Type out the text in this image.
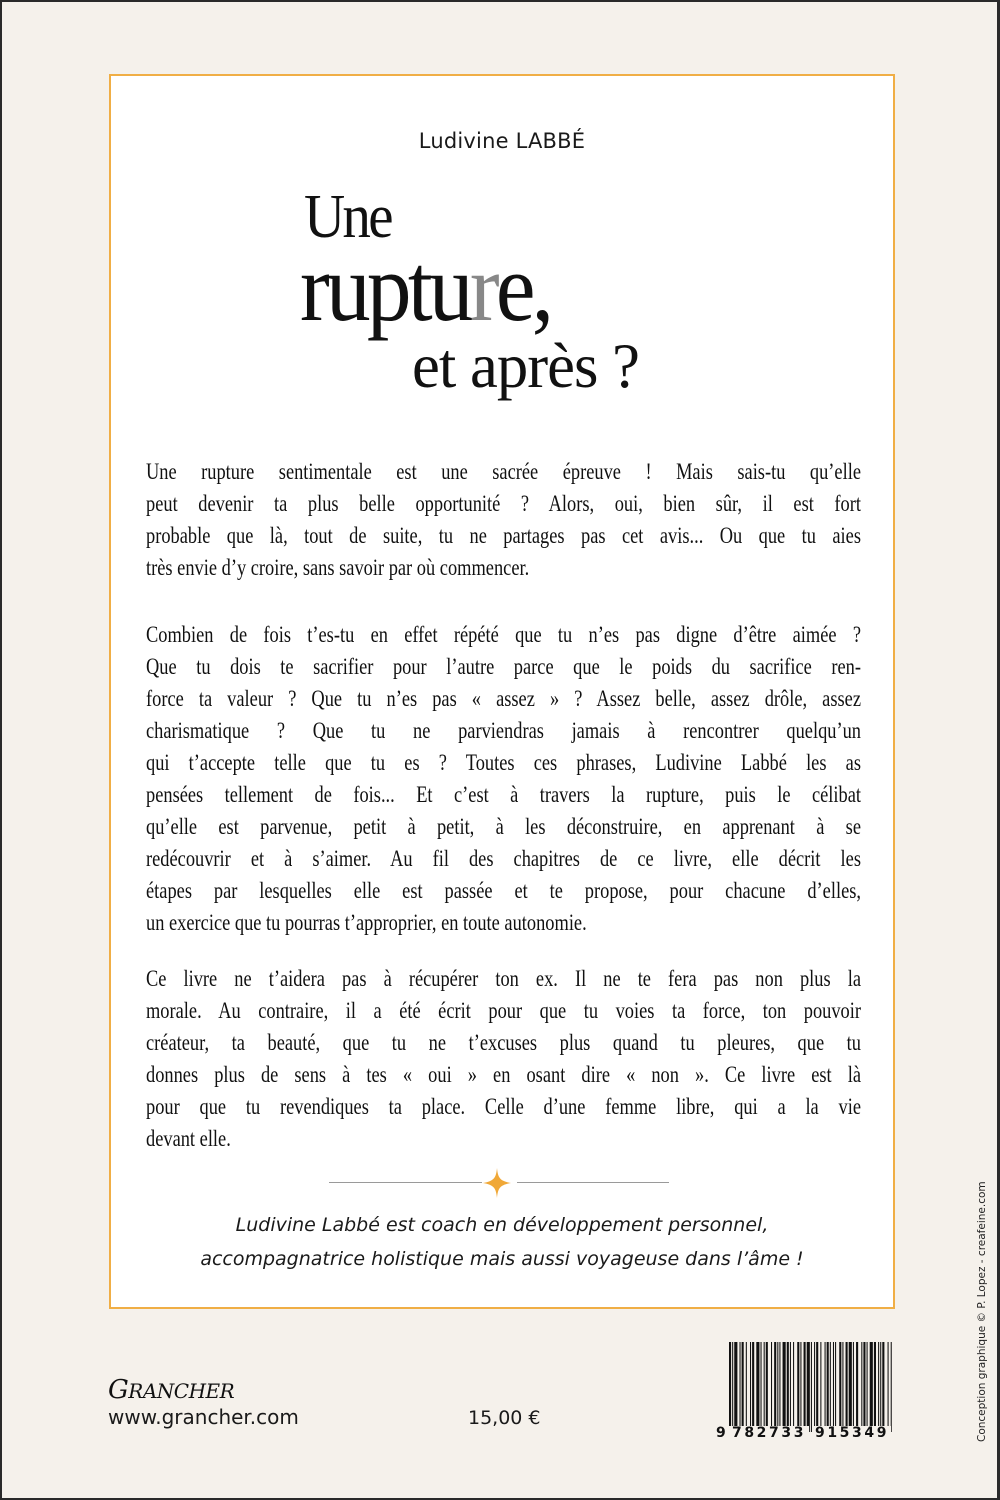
Ludivine LABBÉ
Une
rupture,
et après ?
Une rupture sentimentale est une sacrée épreuve ! Mais sais-tu qu’elle
peut devenir ta plus belle opportunité ? Alors, oui, bien sûr, il est fort
probable que là, tout de suite, tu ne partages pas cet avis... Ou que tu aies
très envie d’y croire, sans savoir par où commencer.
Combien de fois t’es-tu en effet répété que tu n’es pas digne d’être aimée ?
Que tu dois te sacrifier pour l’autre parce que le poids du sacrifice ren-
force ta valeur ? Que tu n’es pas « assez » ? Assez belle, assez drôle, assez
charismatique ? Que tu ne parviendras jamais à rencontrer quelqu’un
qui t’accepte telle que tu es ? Toutes ces phrases, Ludivine Labbé les as
pensées tellement de fois... Et c’est à travers la rupture, puis le célibat
qu’elle est parvenue, petit à petit, à les déconstruire, en apprenant à se
redécouvrir et à s’aimer. Au fil des chapitres de ce livre, elle décrit les
étapes par lesquelles elle est passée et te propose, pour chacune d’elles,
un exercice que tu pourras t’approprier, en toute autonomie.
Ce livre ne t’aidera pas à récupérer ton ex. Il ne te fera pas non plus la
morale. Au contraire, il a été écrit pour que tu voies ta force, ton pouvoir
créateur, ta beauté, que tu ne t’excuses plus quand tu pleures, que tu
donnes plus de sens à tes « oui » en osant dire « non ». Ce livre est là
pour que tu revendiques ta place. Celle d’une femme libre, qui a la vie
devant elle.
Ludivine Labbé est coach en développement personnel,
accompagnatrice holistique mais aussi voyageuse dans l’âme !
GRANCHER
www.grancher.com	15,00 €
9 782733 915349	Conception graphique © P. Lopez - creafeine.com
